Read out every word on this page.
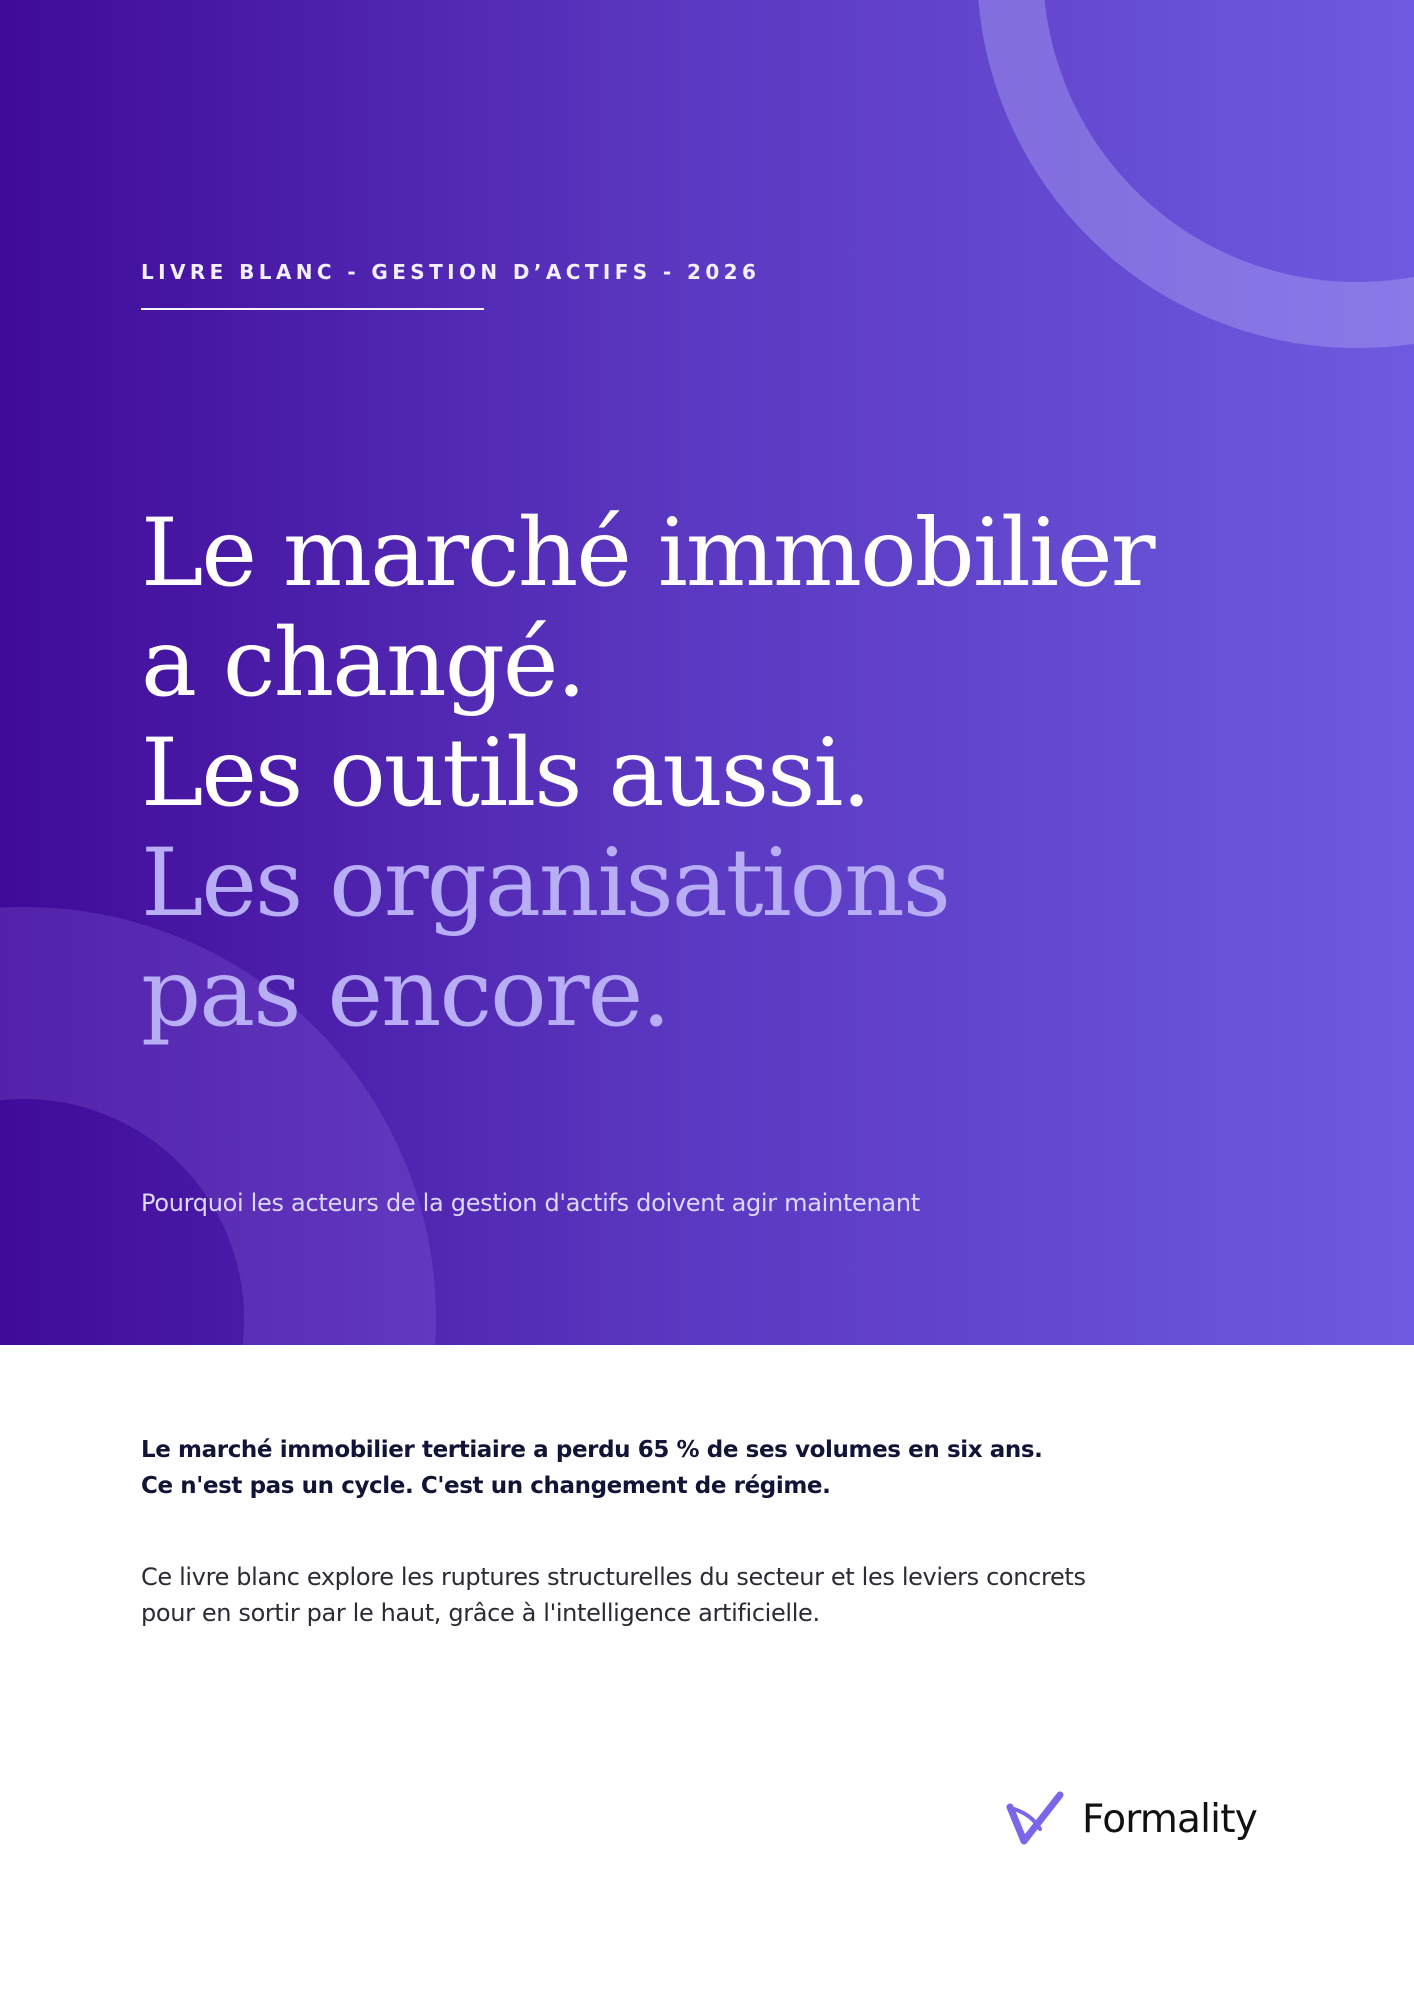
LIVRE BLANC - GESTION D’ACTIFS - 2026

Le marché immobilier
a changé.
Les outils aussi.
Les organisations
pas encore.

Pourquoi les acteurs de la gestion d'actifs doivent agir maintenant

Le marché immobilier tertiaire a perdu 65 % de ses volumes en six ans.
Ce n'est pas un cycle. C'est un changement de régime.

Ce livre blanc explore les ruptures structurelles du secteur et les leviers concrets
pour en sortir par le haut, grâce à l'intelligence artificielle.

Formality
